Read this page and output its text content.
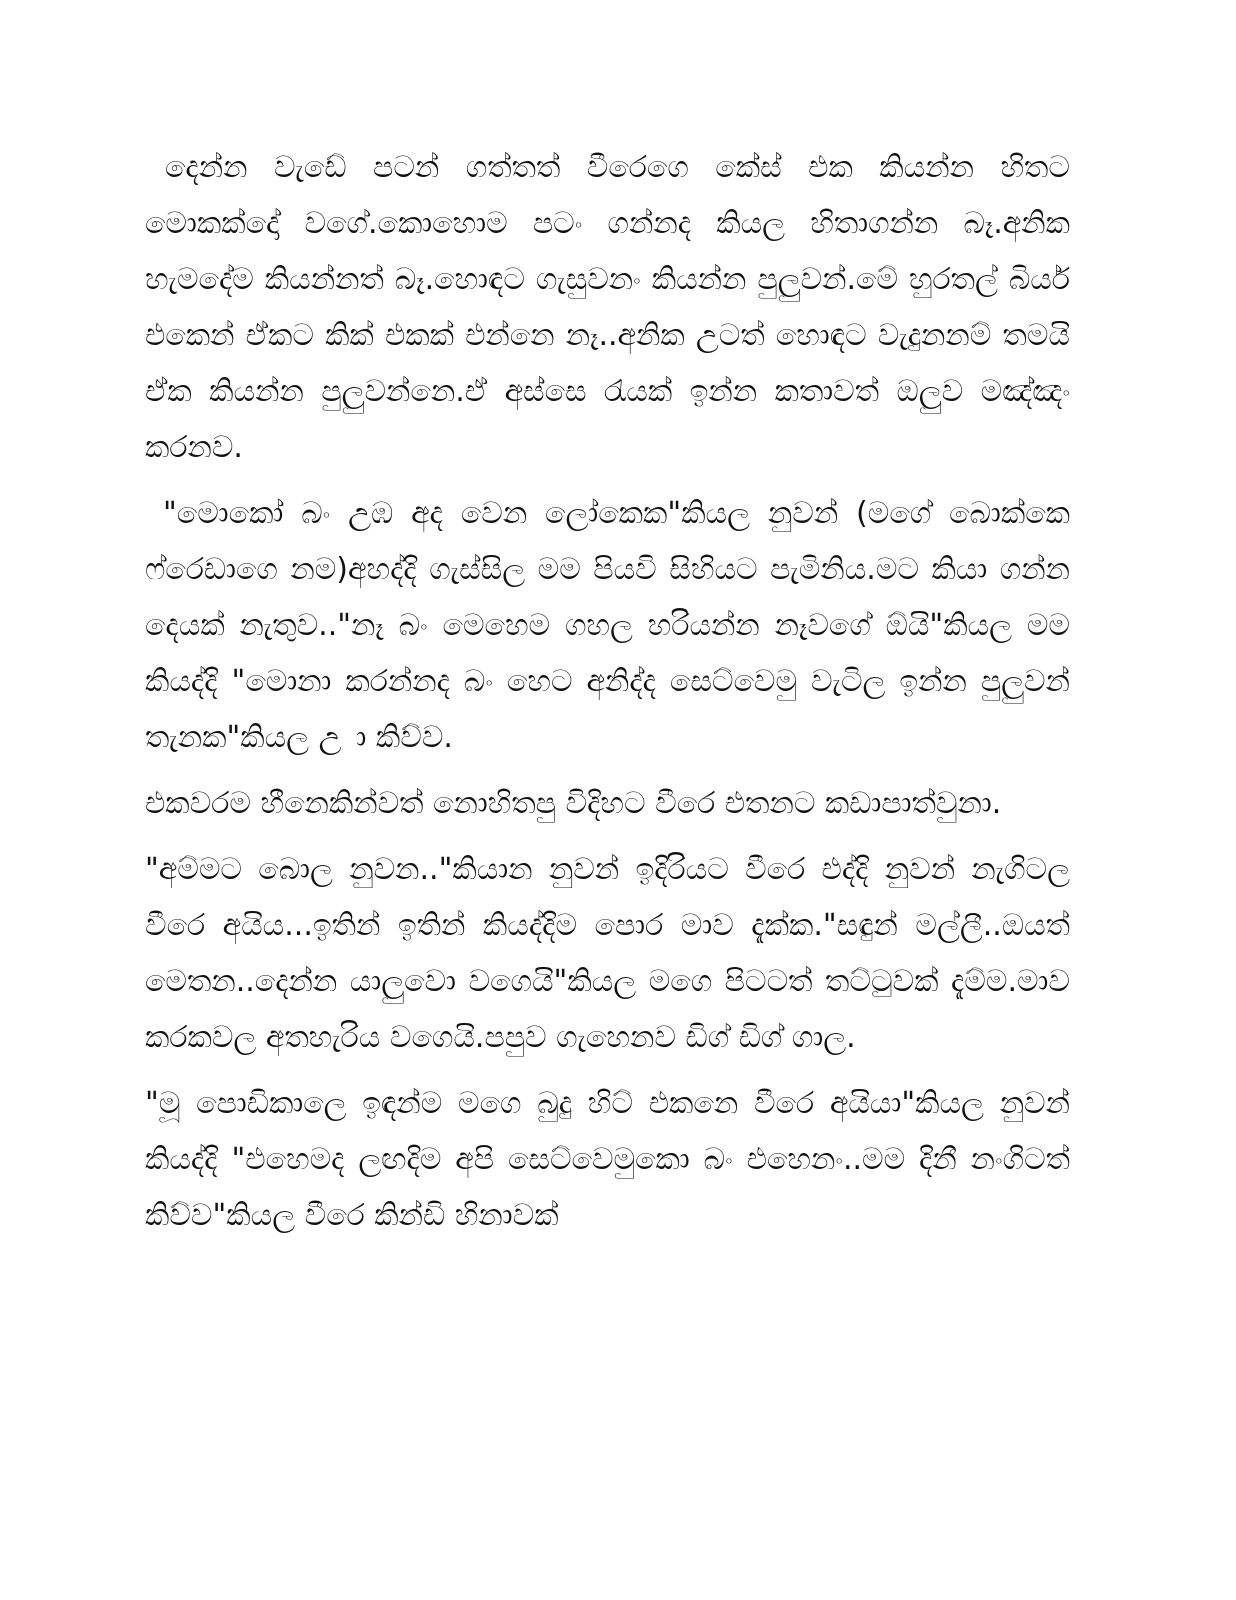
දෙන්න වැඩේ පටන් ගත්තත් වීරෙගෙ කේස් එක කියන්න හිතට මොකක්දෝ වගේ.කොහොම පටං ගන්නද කියල හිතාගන්න බෑ.අනික හැමදේම කියන්නත් බෑ.හොඳට ගැසුවනං කියන්න පුලුවන්.මේ හුරතල් බියර් එකෙන් ඒකට කික් එකක් එන්නෙ නෑ..අනික උටත් හොඳට වැදුනනම් තමයි ඒක කියන්න පුලුවන්නෙ.ඒ අස්සෙ රැයක් ඉන්න කතාවත් ඔලුව මඤ්ඤං කරනව.

"මොකෝ බං උඹ අද වෙන ලෝකෙක"කියල නුවන් (මගේ බොක්කෙ ෆ්රෙඩාගෙ නම)අහද්දි ගැස්සිල මම පියවි සිහියට පැමිනිය.මට කියා ගන්න දෙයක් නැතුව.."නෑ බං මෙහෙම ගහල හරියන්න නෑවගේ ඕයි"කියල මම කියද්දි "මොනා කරන්නද බං හෙට අනිද්ද සෙට්වෙමු වැටිල ඉන්න පුලුවන් තැනක"කියල උ ා කිව්ව.

එකවරම හීනෙකින්වත් නොහිතපු විදිහට වීරෙ එතනට කඩාපාත්වුනා.

"අම්මට බොල නුවන.."කියාන නුවන් ඉදිරියට වීරෙ එද්දි නුවන් නැගිටල වීරෙ අයිය...ඉතින් ඉතින් කියද්දිම පොර මාව දැක්ක."සඳුන් මල්ලී..ඔයත් මෙතන..දෙන්න යාලුවො වගෙයි"කියල මගෙ පිටටත් තට්ටුවක් දැම්ම.මාව කරකවල අතහැරිය වගෙයි.පපුව ගැහෙනව ඩිග් ඩිග් ගාල.

"මූ පොඩිකාලෙ ඉඳන්ම මගෙ බුදු හිට් එකනෙ වීරෙ අයියා"කියල නුවන් කියද්දි "එහෙමද ලඟදිම අපි සෙට්වෙමුකො බං එහෙනං..මම දිනී නංගිටත් කිව්ව"කියල වීරෙ කින්ඩි හිනාවක්
